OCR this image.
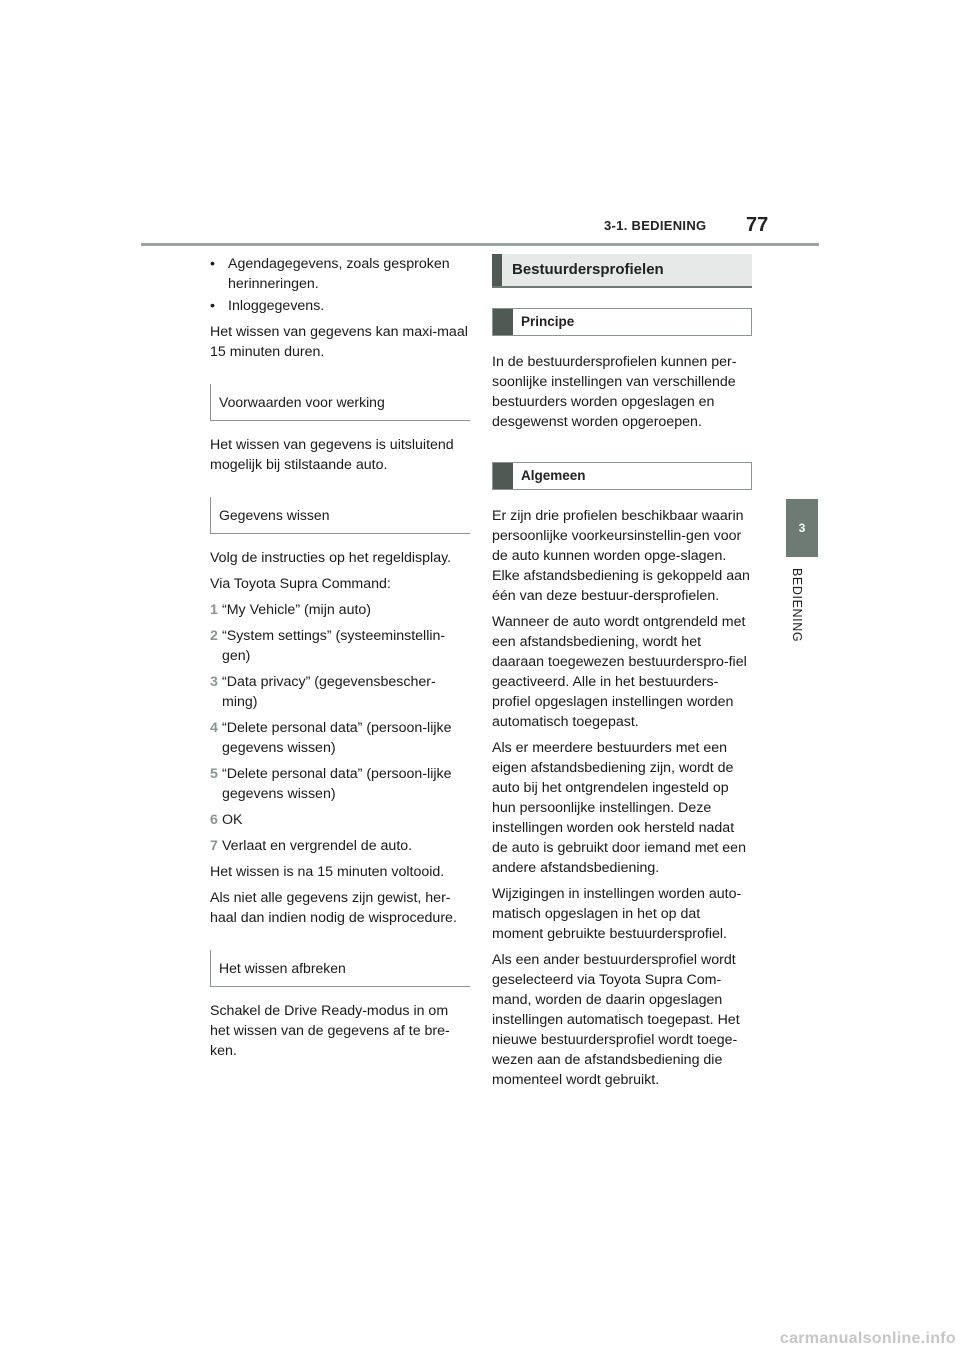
3-1. BEDIENING 77
3
BEDIENING
• Agendagegevens, zoals gesproken herinneringen.
• Inloggegevens.

Het wissen van gegevens kan maxi-maal 15 minuten duren.

Voorwaarden voor werking

Het wissen van gegevens is uitsluitend mogelijk bij stilstaande auto.

Gegevens wissen

Volg de instructies op het regeldisplay.

Via Toyota Supra Command:

1 “My Vehicle” (mijn auto)
2 “System settings” (systeeminstellin-gen)
3 “Data privacy” (gegevensbescher-ming)
4 “Delete personal data” (persoon-lijke gegevens wissen)
5 “Delete personal data” (persoon-lijke gegevens wissen)
6 OK
7 Verlaat en vergrendel de auto.

Het wissen is na 15 minuten voltooid.

Als niet alle gegevens zijn gewist, her-haal dan indien nodig de wisprocedure.

Het wissen afbreken

Schakel de Drive Ready-modus in om het wissen van de gegevens af te bre-ken.

Bestuurdersprofielen
Principe

In de bestuurdersprofielen kunnen per-soonlijke instellingen van verschillende bestuurders worden opgeslagen en desgewenst worden opgeroepen.

Algemeen

Er zijn drie profielen beschikbaar waarin persoonlijke voorkeursinstellin-gen voor de auto kunnen worden opge-slagen. Elke afstandsbediening is gekoppeld aan één van deze bestuur-dersprofielen.

Wanneer de auto wordt ontgrendeld met een afstandsbediening, wordt het daaraan toegewezen bestuurderspro-fiel geactiveerd. Alle in het bestuurders-profiel opgeslagen instellingen worden automatisch toegepast.

Als er meerdere bestuurders met een eigen afstandsbediening zijn, wordt de auto bij het ontgrendelen ingesteld op hun persoonlijke instellingen. Deze instellingen worden ook hersteld nadat de auto is gebruikt door iemand met een andere afstandsbediening.

Wijzigingen in instellingen worden auto-matisch opgeslagen in het op dat moment gebruikte bestuurdersprofiel.

Als een ander bestuurdersprofiel wordt geselecteerd via Toyota Supra Com-mand, worden de daarin opgeslagen instellingen automatisch toegepast. Het nieuwe bestuurdersprofiel wordt toege-wezen aan de afstandsbediening die momenteel wordt gebruikt.

carmanualsonline.info
